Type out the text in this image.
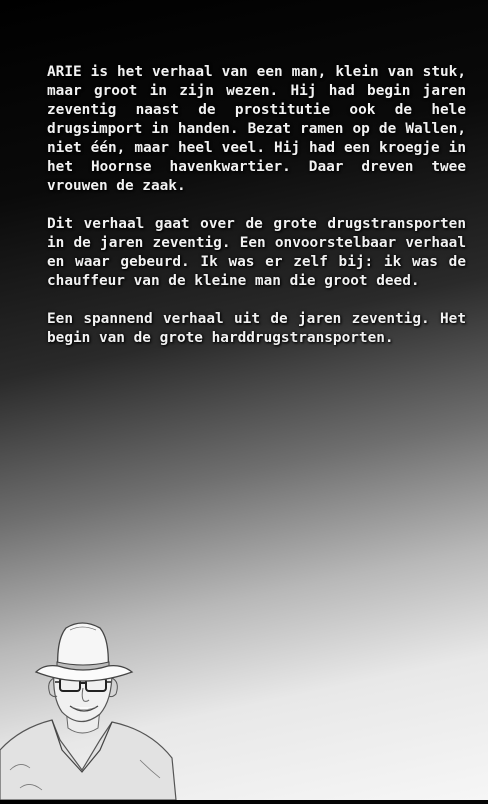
ARIE is het verhaal van een man, klein van stuk, maar groot in zijn wezen. Hij had begin jaren zeventig naast de prostitutie ook de hele drugsimport in handen. Bezat ramen op de Wallen, niet één, maar heel veel. Hij had een kroegje in het Hoornse havenkwartier. Daar dreven twee vrouwen de zaak.

Dit verhaal gaat over de grote drugstransporten in de jaren zeventig. Een onvoorstelbaar verhaal en waar gebeurd. Ik was er zelf bij: ik was de chauffeur van de kleine man die groot deed.

Een spannend verhaal uit de jaren zeventig. Het begin van de grote harddrugstransporten.
